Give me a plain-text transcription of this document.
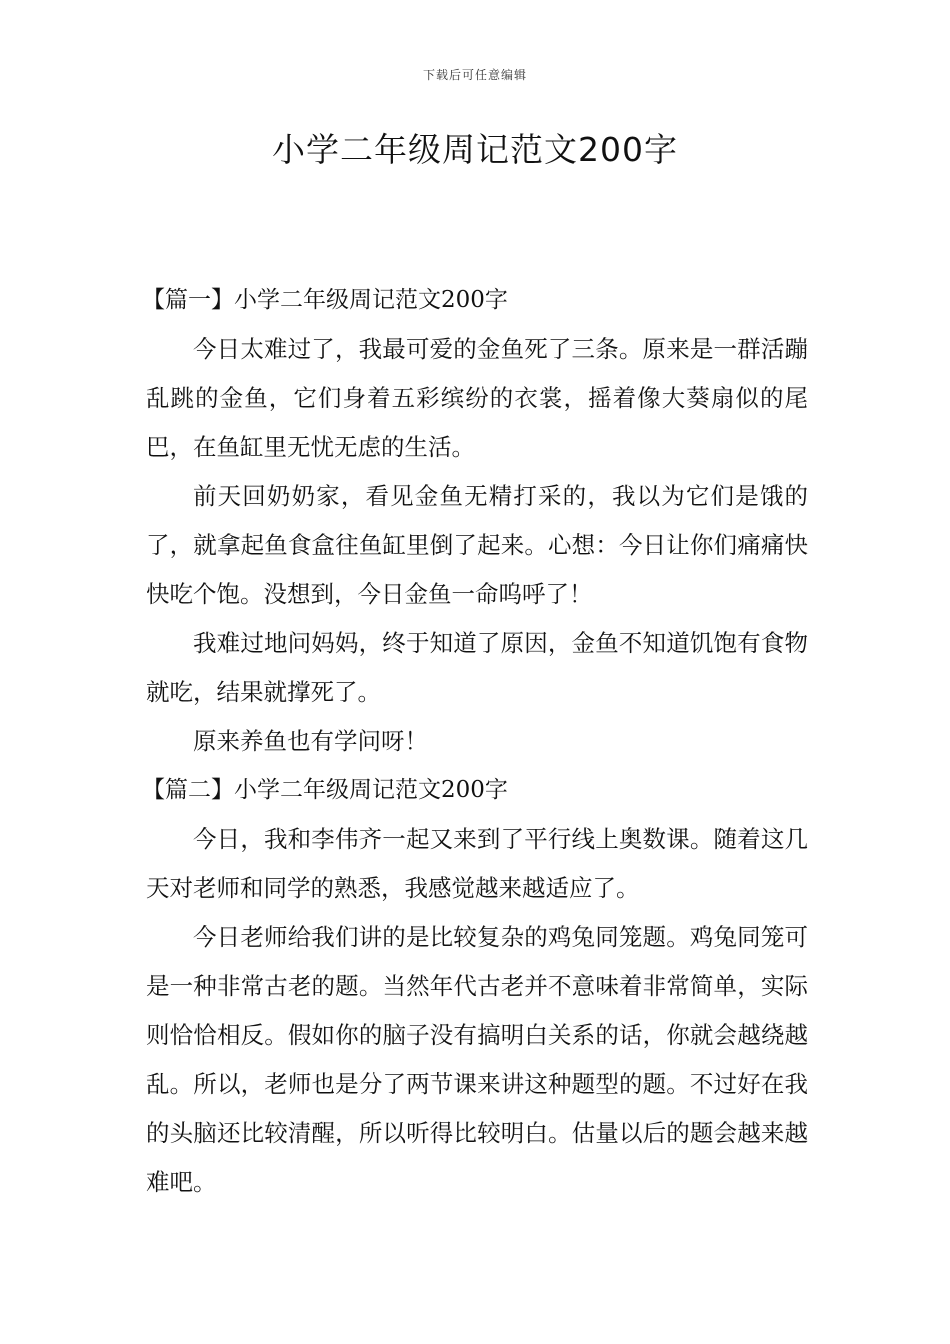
下载后可任意编辑
小学二年级周记范文200字

【篇一】小学二年级周记范文200字

今日太难过了，我最可爱的金鱼死了三条。原来是一群活蹦乱跳的金鱼，它们身着五彩缤纷的衣裳，摇着像大葵扇似的尾巴，在鱼缸里无忧无虑的生活。

前天回奶奶家，看见金鱼无精打采的，我以为它们是饿的了，就拿起鱼食盒往鱼缸里倒了起来。心想：今日让你们痛痛快快吃个饱。没想到，今日金鱼一命呜呼了！

我难过地问妈妈，终于知道了原因，金鱼不知道饥饱有食物就吃，结果就撑死了。

原来养鱼也有学问呀！

【篇二】小学二年级周记范文200字

今日，我和李伟齐一起又来到了平行线上奥数课。随着这几天对老师和同学的熟悉，我感觉越来越适应了。

今日老师给我们讲的是比较复杂的鸡兔同笼题。鸡兔同笼可是一种非常古老的题。当然年代古老并不意味着非常简单，实际则恰恰相反。假如你的脑子没有搞明白关系的话，你就会越绕越乱。所以，老师也是分了两节课来讲这种题型的题。不过好在我的头脑还比较清醒，所以听得比较明白。估量以后的题会越来越难吧。
